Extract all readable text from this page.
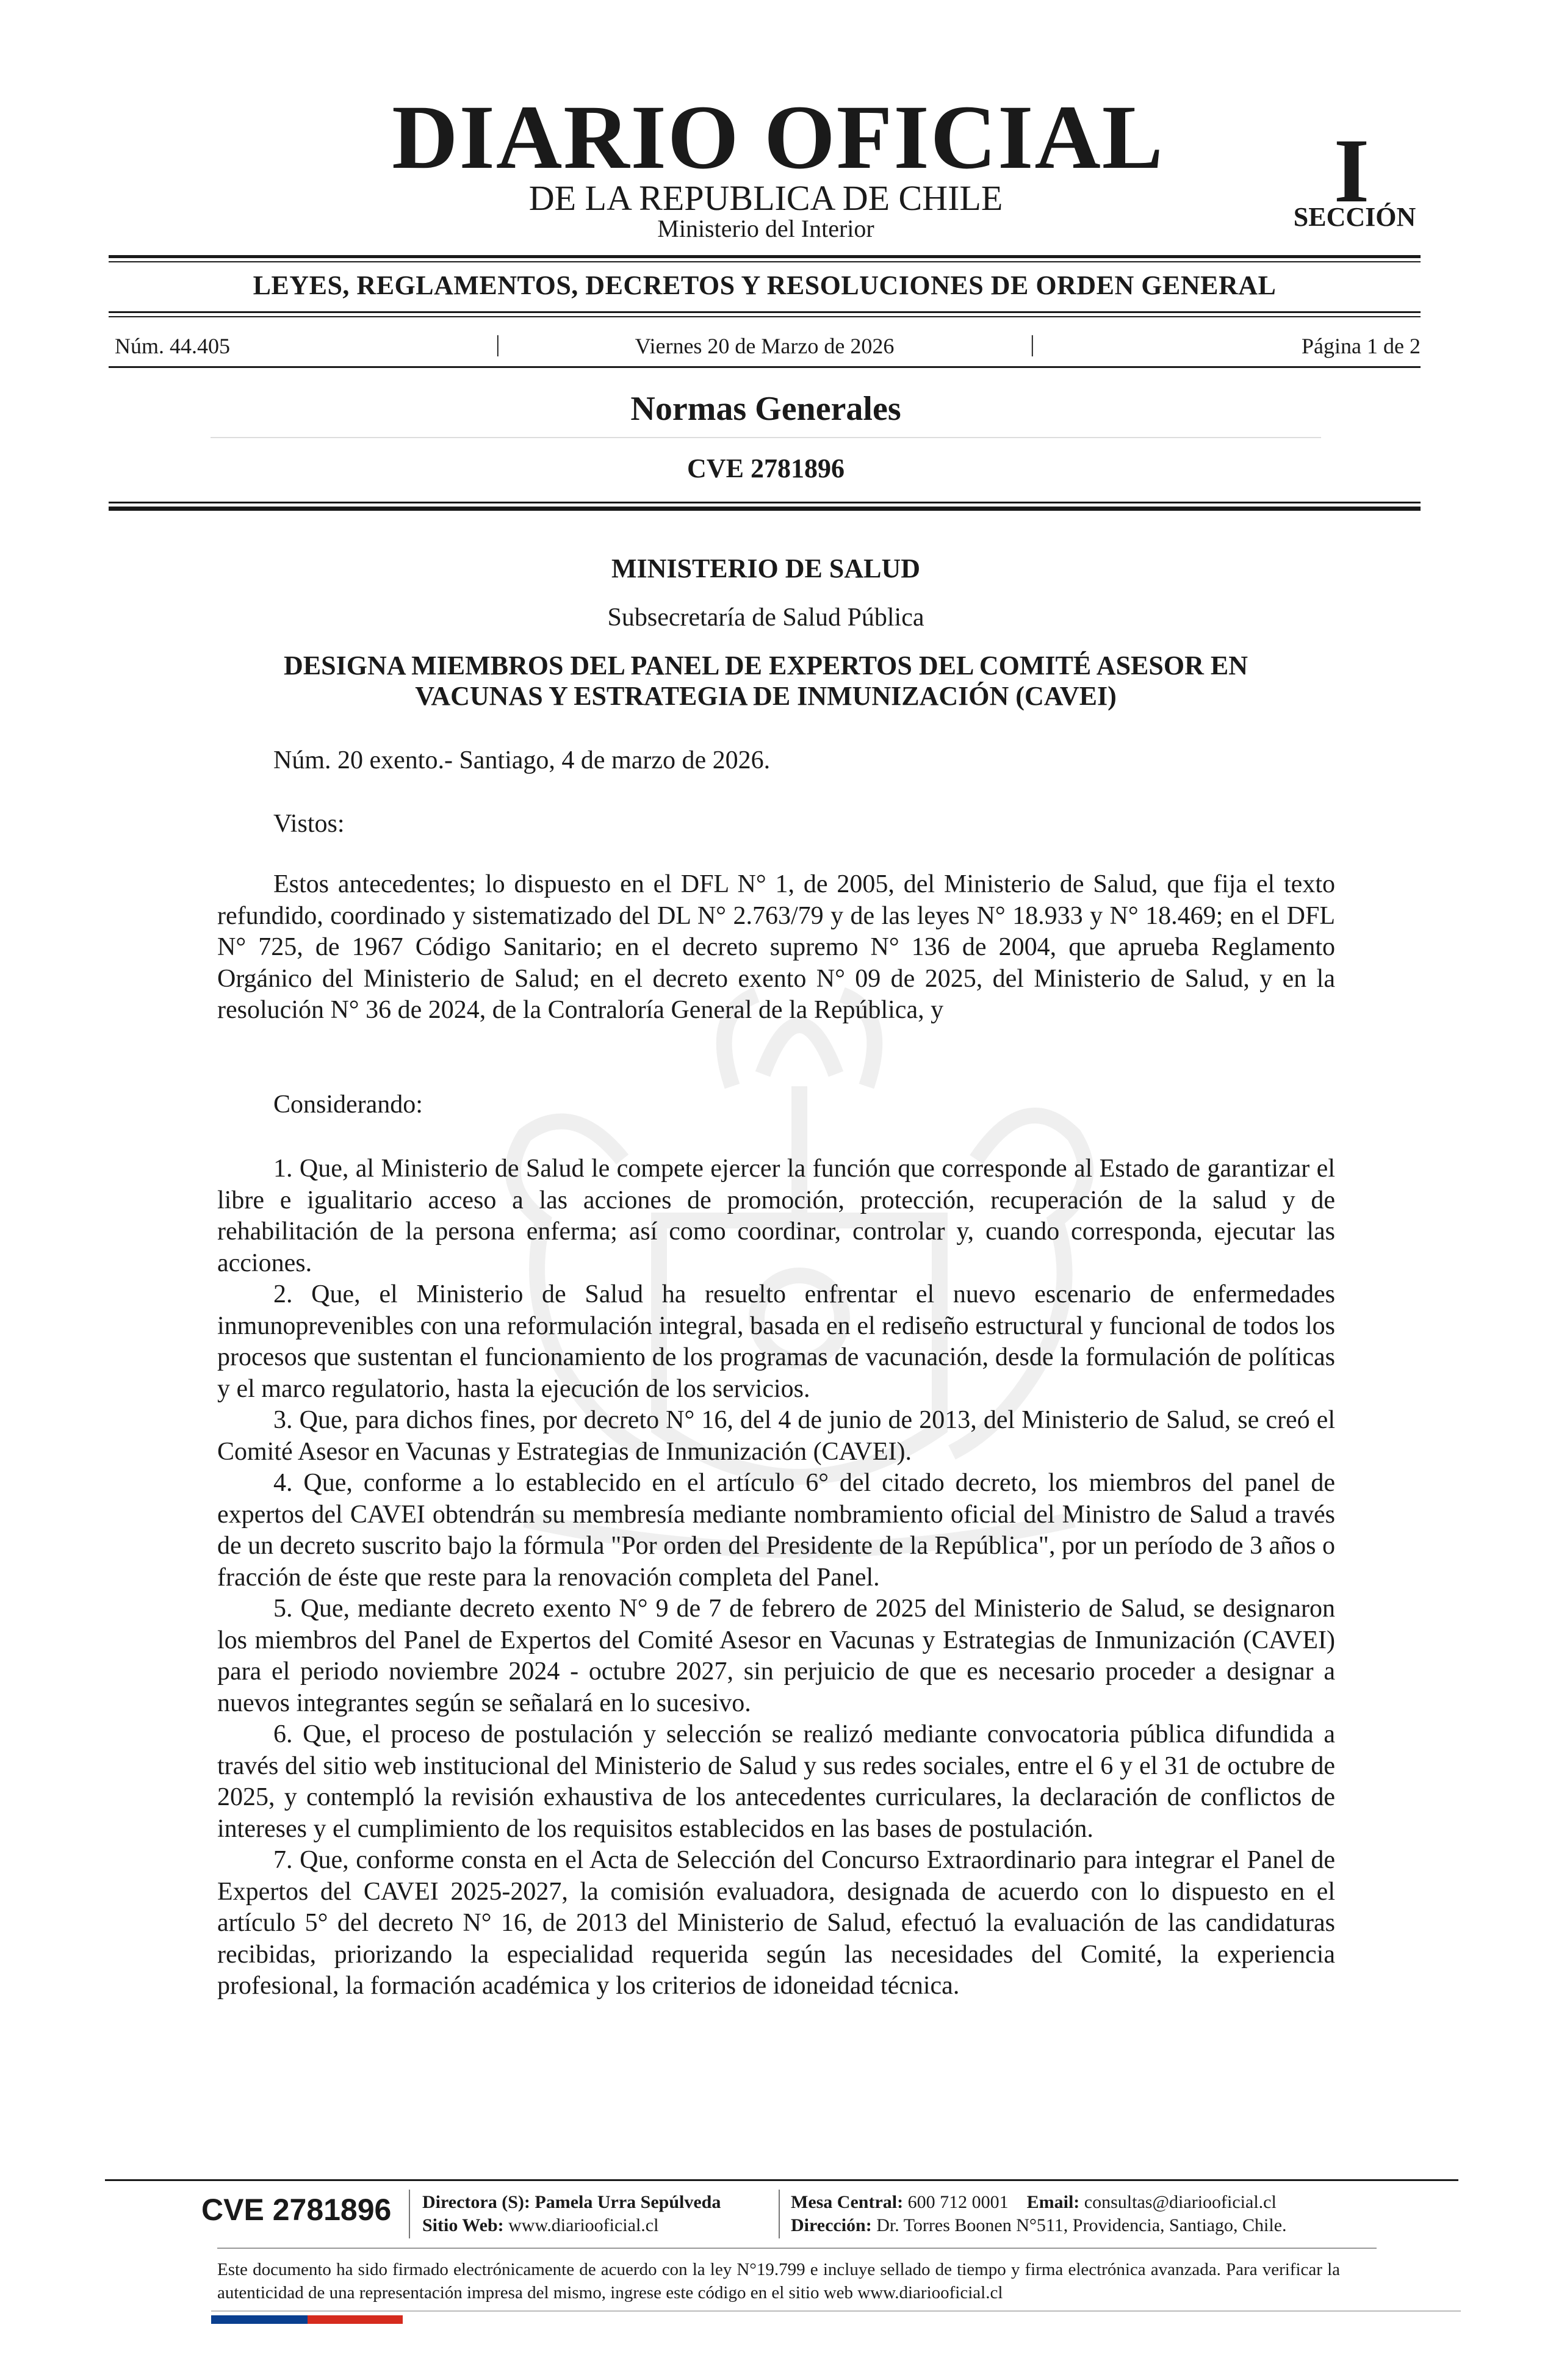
DIARIO OFICIAL
DE LA REPUBLICA DE CHILE
Ministerio del Interior
I
SECCIÓN
LEYES, REGLAMENTOS, DECRETOS Y RESOLUCIONES DE ORDEN GENERAL
Núm. 44.405	|	Viernes 20 de Marzo de 2026	|	Página 1 de 2
Normas Generales
CVE 2781896
MINISTERIO DE SALUD
Subsecretaría de Salud Pública
DESIGNA MIEMBROS DEL PANEL DE EXPERTOS DEL COMITÉ ASESOR EN
VACUNAS Y ESTRATEGIA DE INMUNIZACIÓN (CAVEI)

Núm. 20 exento.- Santiago, 4 de marzo de 2026.

Vistos:

Estos antecedentes; lo dispuesto en el DFL N° 1, de 2005, del Ministerio de Salud, que fija el texto refundido, coordinado y sistematizado del DL N° 2.763/79 y de las leyes N° 18.933 y N° 18.469; en el DFL N° 725, de 1967 Código Sanitario; en el decreto supremo N° 136 de 2004, que aprueba Reglamento Orgánico del Ministerio de Salud; en el decreto exento N° 09 de 2025, del Ministerio de Salud, y en la resolución N° 36 de 2024, de la Contraloría General de la República, y

Considerando:

1. Que, al Ministerio de Salud le compete ejercer la función que corresponde al Estado de garantizar el libre e igualitario acceso a las acciones de promoción, protección, recuperación de la salud y de rehabilitación de la persona enferma; así como coordinar, controlar y, cuando corresponda, ejecutar las acciones.

2. Que, el Ministerio de Salud ha resuelto enfrentar el nuevo escenario de enfermedades inmunoprevenibles con una reformulación integral, basada en el rediseño estructural y funcional de todos los procesos que sustentan el funcionamiento de los programas de vacunación, desde la formulación de políticas y el marco regulatorio, hasta la ejecución de los servicios.

3. Que, para dichos fines, por decreto N° 16, del 4 de junio de 2013, del Ministerio de Salud, se creó el Comité Asesor en Vacunas y Estrategias de Inmunización (CAVEI).

4. Que, conforme a lo establecido en el artículo 6° del citado decreto, los miembros del panel de expertos del CAVEI obtendrán su membresía mediante nombramiento oficial del Ministro de Salud a través de un decreto suscrito bajo la fórmula "Por orden del Presidente de la República", por un período de 3 años o fracción de éste que reste para la renovación completa del Panel.

5. Que, mediante decreto exento N° 9 de 7 de febrero de 2025 del Ministerio de Salud, se designaron los miembros del Panel de Expertos del Comité Asesor en Vacunas y Estrategias de Inmunización (CAVEI) para el periodo noviembre 2024 - octubre 2027, sin perjuicio de que es necesario proceder a designar a nuevos integrantes según se señalará en lo sucesivo.

6. Que, el proceso de postulación y selección se realizó mediante convocatoria pública difundida a través del sitio web institucional del Ministerio de Salud y sus redes sociales, entre el 6 y el 31 de octubre de 2025, y contempló la revisión exhaustiva de los antecedentes curriculares, la declaración de conflictos de intereses y el cumplimiento de los requisitos establecidos en las bases de postulación.

7. Que, conforme consta en el Acta de Selección del Concurso Extraordinario para integrar el Panel de Expertos del CAVEI 2025-2027, la comisión evaluadora, designada de acuerdo con lo dispuesto en el artículo 5° del decreto N° 16, de 2013 del Ministerio de Salud, efectuó la evaluación de las candidaturas recibidas, priorizando la especialidad requerida según las necesidades del Comité, la experiencia profesional, la formación académica y los criterios de idoneidad técnica.

CVE 2781896 Directora (S): Pamela Urra Sepúlveda
Sitio Web: www.diariooficial.cl
Mesa Central: 600 712 0001 Email: consultas@diariooficial.cl
Dirección: Dr. Torres Boonen N°511, Providencia, Santiago, Chile.
Este documento ha sido firmado electrónicamente de acuerdo con la ley N°19.799 e incluye sellado de tiempo y firma electrónica avanzada. Para verificar la autenticidad de una representación impresa del mismo, ingrese este código en el sitio web www.diariooficial.cl
